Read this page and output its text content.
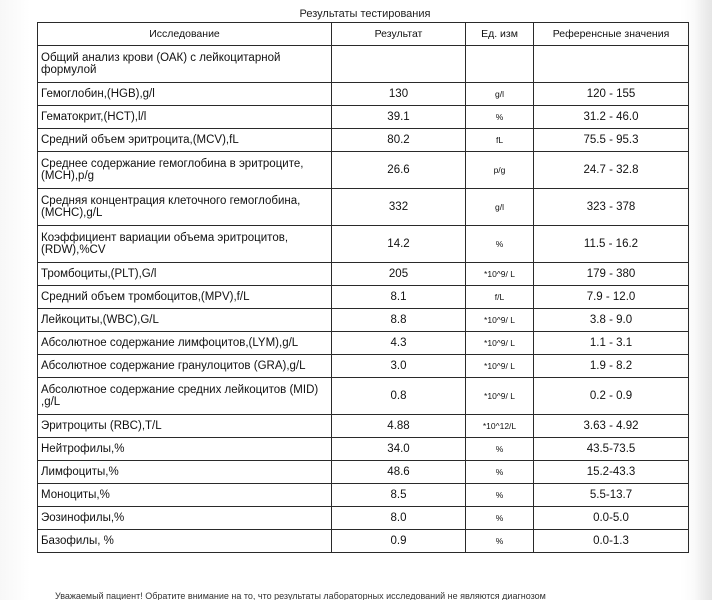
Результаты тестирования
Исследование	Результат	Ед. изм	Референсные значения
Общий анализ крови (ОАК) с лейкоцитарной формулой			
Гемоглобин,(HGB),g/l	130	g/l	120 - 155
Гематокрит,(HCT),l/l	39.1	%	31.2 - 46.0
Средний объем эритроцита,(MCV),fL	80.2	fL	75.5 - 95.3
Среднее содержание гемоглобина в эритроците, (MCH),p/g	26.6	p/g	24.7 - 32.8
Средняя концентрация клеточного гемоглобина, (MCHC),g/L	332	g/l	323 - 378
Коэффициент вариации объема эритроцитов, (RDW),%CV	14.2	%	11.5 - 16.2
Тромбоциты,(PLT),G/l	205	*10^9/ L	179 - 380
Средний объем тромбоцитов,(MPV),f/L	8.1	f/L	7.9 - 12.0
Лейкоциты,(WBC),G/L	8.8	*10^9/ L	3.8 - 9.0
Абсолютное содержание лимфоцитов,(LYM),g/L	4.3	*10^9/ L	1.1 - 3.1
Абсолютное содержание гранулоцитов (GRA),g/L	3.0	*10^9/ L	1.9 - 8.2
Абсолютное содержание средних лейкоцитов (MID) ,g/L	0.8	*10^9/ L	0.2 - 0.9
Эритроциты (RBC),T/L	4.88	*10^12/L	3.63 - 4.92
Нейтрофилы,%	34.0	%	43.5-73.5
Лимфоциты,%	48.6	%	15.2-43.3
Моноциты,%	8.5	%	5.5-13.7
Эозинофилы,%	8.0	%	0.0-5.0
Базофилы, %	0.9	%	0.0-1.3
Уважаемый пациент! Обратите внимание на то, что результаты лабораторных исследований не являются диагнозом
